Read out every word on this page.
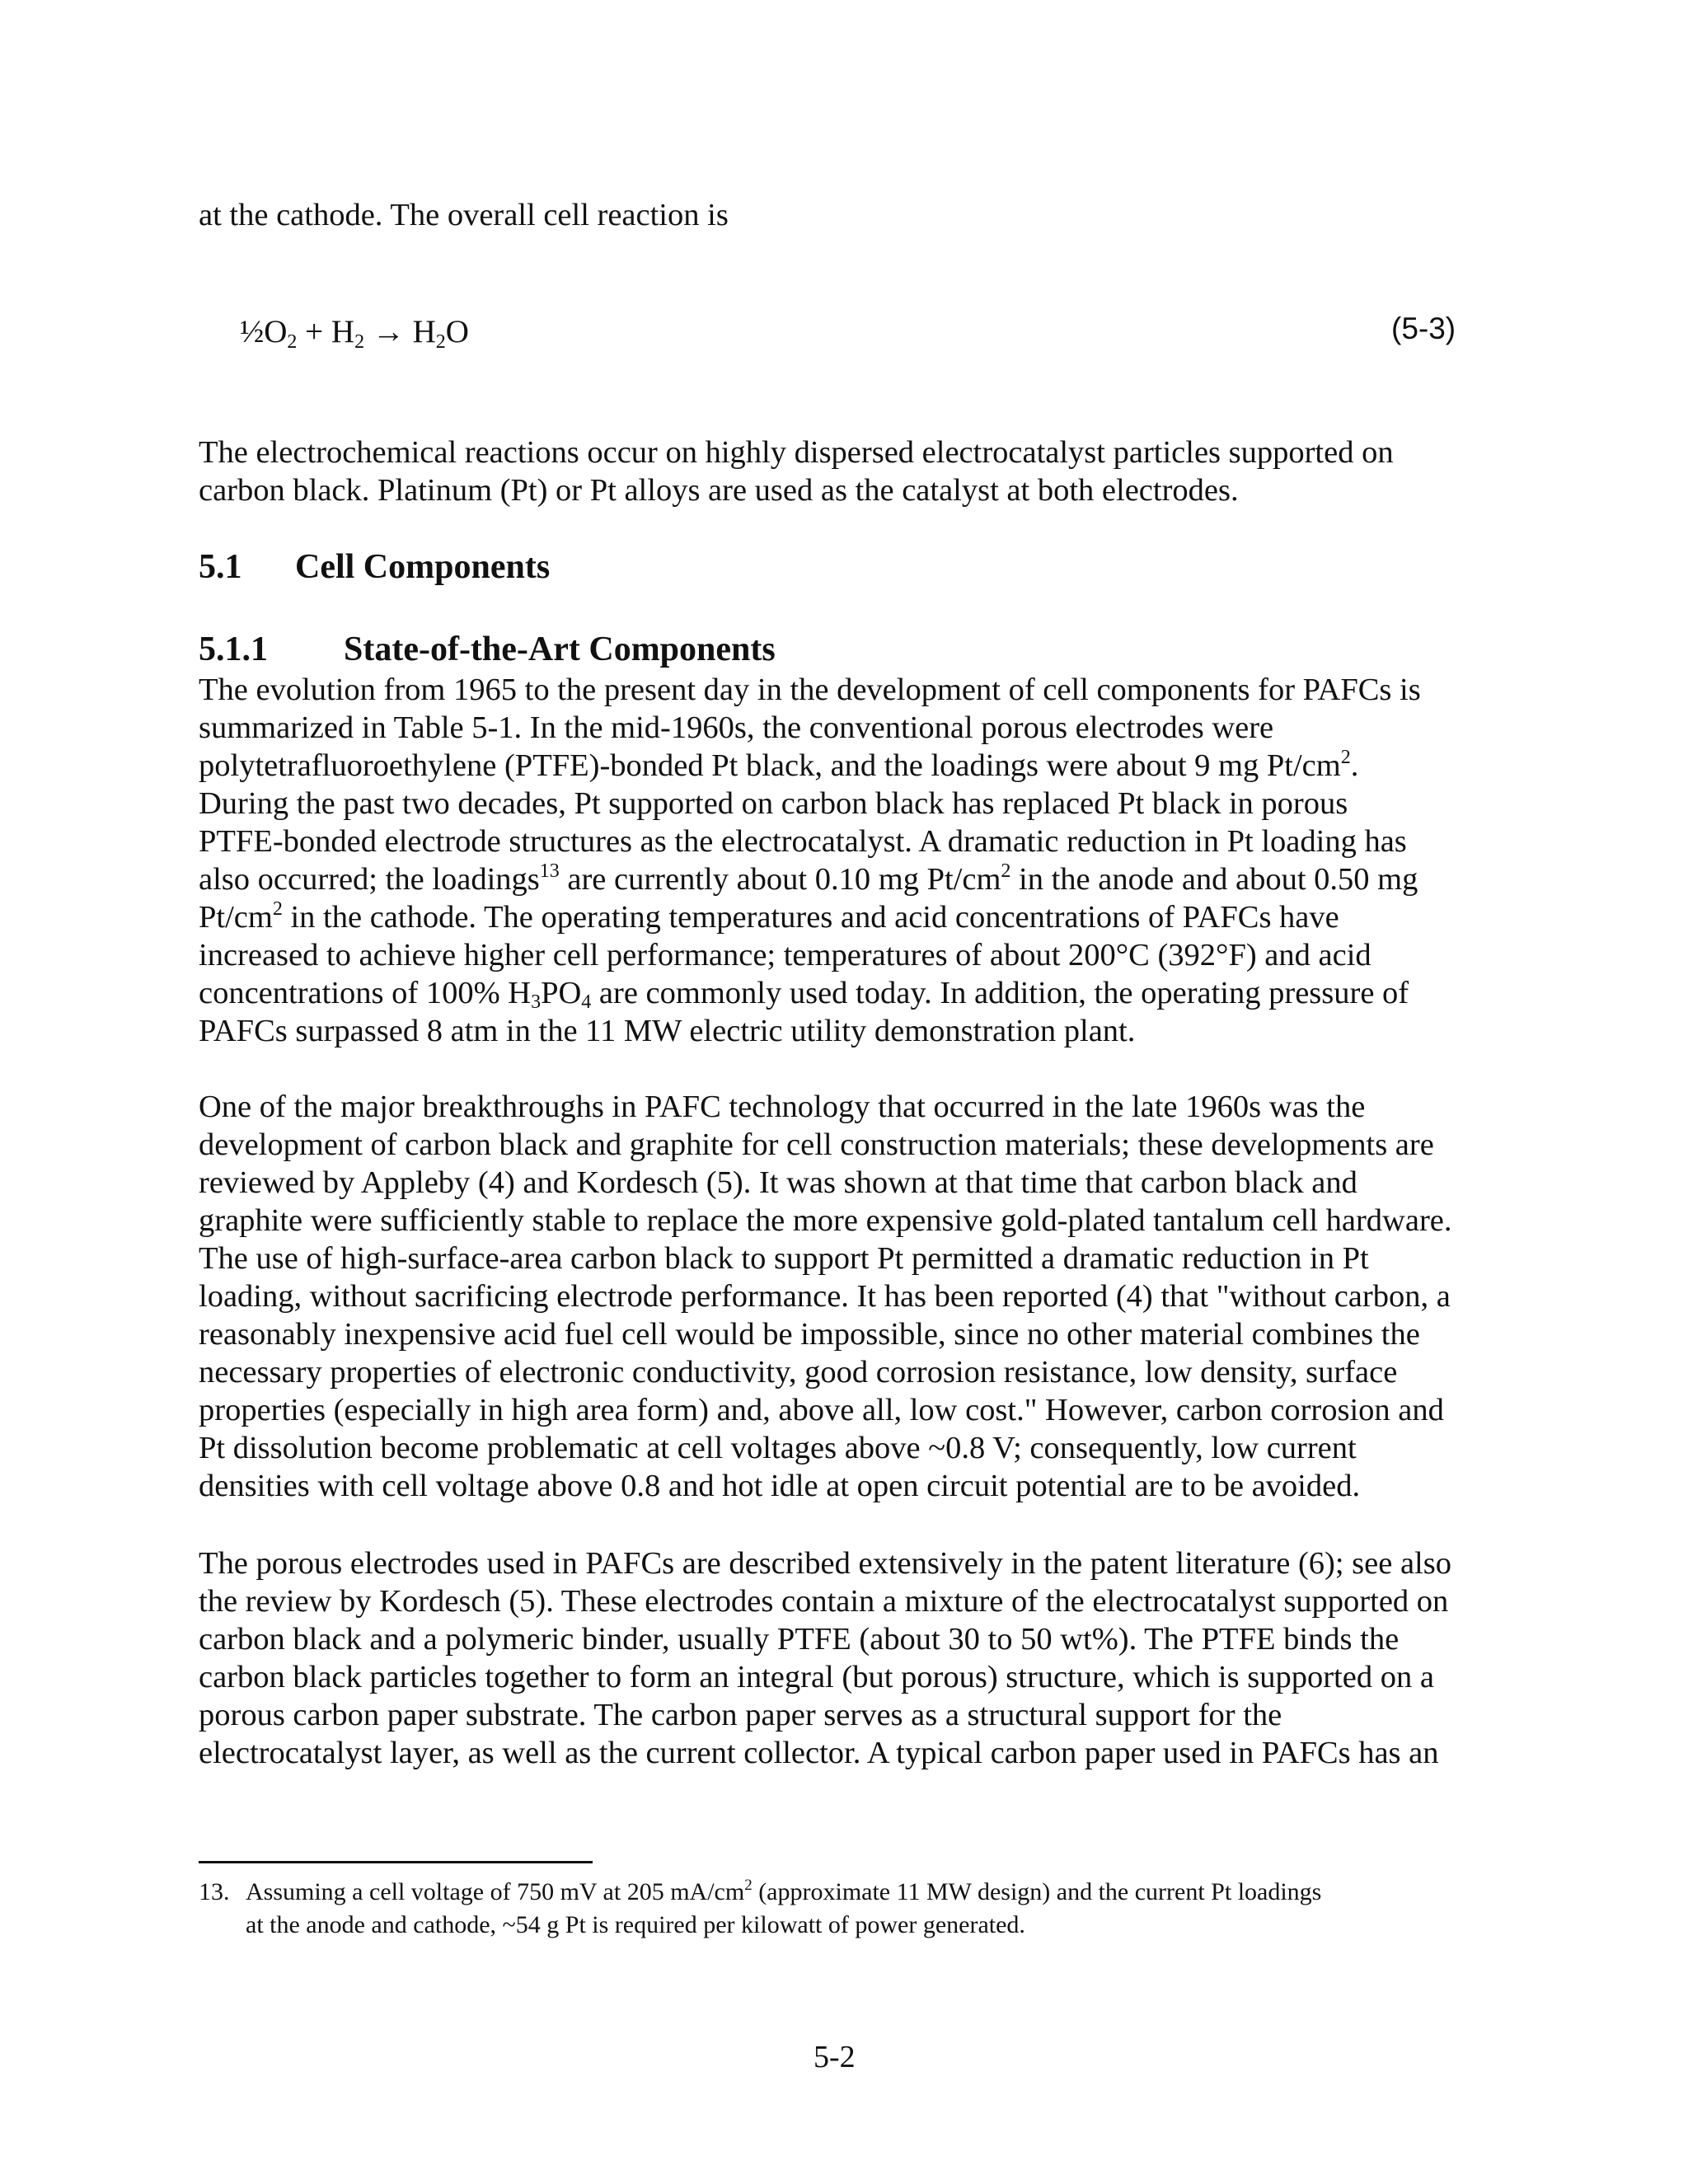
at the cathode. The overall cell reaction is
$\frac{1}{2}O_2 + H_2 \to H_2O$	(5-3)
The electrochemical reactions occur on highly dispersed electrocatalyst particles supported on
carbon black. Platinum (Pt) or Pt alloys are used as the catalyst at both electrodes.
5.1 Cell Components
5.1.1 State-of-the-Art Components
The evolution from 1965 to the present day in the development of cell components for PAFCs is
summarized in Table 5-1. In the mid-1960s, the conventional porous electrodes were
polytetrafluoroethylene (PTFE)-bonded Pt black, and the loadings were about 9 mg $Pt/cm^2$.
During the past two decades, Pt supported on carbon black has replaced Pt black in porous
PTFE-bonded electrode structures as the electrocatalyst. A dramatic reduction in Pt loading has
also occurred; the loadings$^{13}$ are currently about 0.10 mg $Pt/cm^2$ in the anode and about 0.50 mg
$Pt/cm^2$ in the cathode. The operating temperatures and acid concentrations of PAFCs have
increased to achieve higher cell performance; temperatures of about 200°C (392°F) and acid
concentrations of 100% $H_3PO_4$ are commonly used today. In addition, the operating pressure of
PAFCs surpassed 8 atm in the 11 MW electric utility demonstration plant.
One of the major breakthroughs in PAFC technology that occurred in the late 1960s was the
development of carbon black and graphite for cell construction materials; these developments are
reviewed by Appleby (4) and Kordesch (5). It was shown at that time that carbon black and
graphite were sufficiently stable to replace the more expensive gold-plated tantalum cell hardware.
The use of high-surface-area carbon black to support Pt permitted a dramatic reduction in Pt
loading, without sacrificing electrode performance. It has been reported (4) that "without carbon, a
reasonably inexpensive acid fuel cell would be impossible, since no other material combines the
necessary properties of electronic conductivity, good corrosion resistance, low density, surface
properties (especially in high area form) and, above all, low cost." However, carbon corrosion and
Pt dissolution become problematic at cell voltages above ~0.8 V; consequently, low current
densities with cell voltage above 0.8 and hot idle at open circuit potential are to be avoided.
The porous electrodes used in PAFCs are described extensively in the patent literature (6); see also
the review by Kordesch (5). These electrodes contain a mixture of the electrocatalyst supported on
carbon black and a polymeric binder, usually PTFE (about 30 to 50 wt%). The PTFE binds the
carbon black particles together to form an integral (but porous) structure, which is supported on a
porous carbon paper substrate. The carbon paper serves as a structural support for the
electrocatalyst layer, as well as the current collector. A typical carbon paper used in PAFCs has an
13. Assuming a cell voltage of 750 mV at 205 $mA/cm^2$ (approximate 11 MW design) and the current Pt loadings
at the anode and cathode, ~54 g Pt is required per kilowatt of power generated.
5-2
